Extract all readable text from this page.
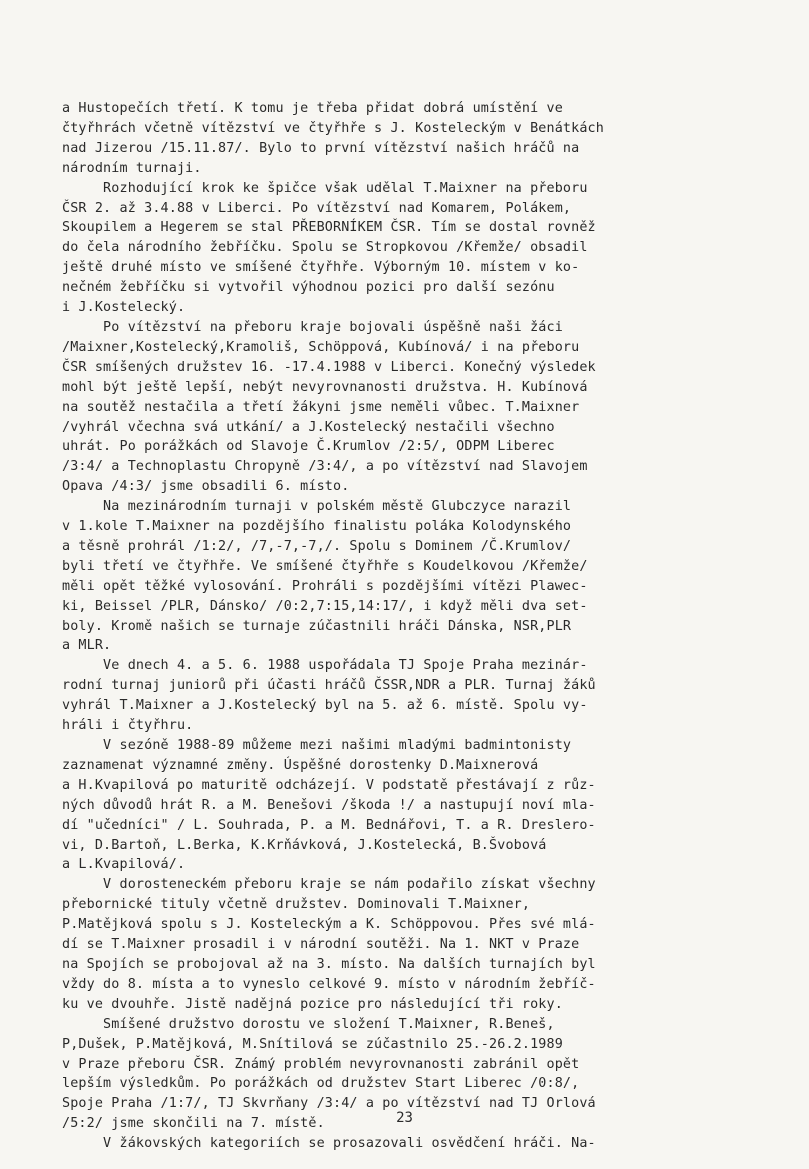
a Hustopečích třetí. K tomu je třeba přidat dobrá umístění ve
čtyřhrách včetně vítězství ve čtyřhře s J. Kosteleckým v Benátkách
nad Jizerou /15.11.87/. Bylo to první vítězství našich hráčů na
národním turnaji.
Rozhodující krok ke špičce však udělal T.Maixner na přeboru
ČSR 2. až 3.4.88 v Liberci. Po vítězství nad Komarem, Polákem,
Skoupilem a Hegerem se stal PŘEBORNÍKEM ČSR. Tím se dostal rovněž
do čela národního žebříčku. Spolu se Stropkovou /Křemže/ obsadil
ještě druhé místo ve smíšené čtyřhře. Výborným 10. místem v ko-
nečném žebříčku si vytvořil výhodnou pozici pro další sezónu
i J.Kostelecký.
Po vítězství na přeboru kraje bojovali úspěšně naši žáci
/Maixner,Kostelecký,Kramoliš, Schöppová, Kubínová/ i na přeboru
ČSR smíšených družstev 16. -17.4.1988 v Liberci. Konečný výsledek
mohl být ještě lepší, nebýt nevyrovnanosti družstva. H. Kubínová
na soutěž nestačila a třetí žákyni jsme neměli vůbec. T.Maixner
/vyhrál včechna svá utkání/ a J.Kostelecký nestačili všechno
uhrát. Po porážkách od Slavoje Č.Krumlov /2:5/, ODPM Liberec
/3:4/ a Technoplastu Chropyně /3:4/, a po vítězství nad Slavojem
Opava /4:3/ jsme obsadili 6. místo.
Na mezinárodním turnaji v polském městě Glubczyce narazil
v 1.kole T.Maixner na pozdějšího finalistu poláka Kolodynského
a těsně prohrál /1:2/, /7,-7,-7,/. Spolu s Dominem /Č.Krumlov/
byli třetí ve čtyřhře. Ve smíšené čtyřhře s Koudelkovou /Křemže/
měli opět těžké vylosování. Prohráli s pozdějšími vítězi Plawec-
ki, Beissel /PLR, Dánsko/ /0:2,7:15,14:17/, i když měli dva set-
boly. Kromě našich se turnaje zúčastnili hráči Dánska, NSR,PLR
a MLR.
Ve dnech 4. a 5. 6. 1988 uspořádala TJ Spoje Praha mezinár-
rodní turnaj juniorů při účasti hráčů ČSSR,NDR a PLR. Turnaj žáků
vyhrál T.Maixner a J.Kostelecký byl na 5. až 6. místě. Spolu vy-
hráli i čtyřhru.
V sezóně 1988-89 můžeme mezi našimi mladými badmintonisty
zaznamenat významné změny. Úspěšné dorostenky D.Maixnerová
a H.Kvapilová po maturitě odcházejí. V podstatě přestávají z růz-
ných důvodů hrát R. a M. Benešovi /škoda !/ a nastupují noví mla-
dí "učedníci" / L. Souhrada, P. a M. Bednářovi, T. a R. Dreslero-
vi, D.Bartoň, L.Berka, K.Krňávková, J.Kostelecká, B.Švobová
a L.Kvapilová/.
V dorosteneckém přeboru kraje se nám podařilo získat všechny
přebornické tituly včetně družstev. Dominovali T.Maixner,
P.Matějková spolu s J. Kosteleckým a K. Schöppovou. Přes své mlá-
dí se T.Maixner prosadil i v národní soutěži. Na 1. NKT v Praze
na Spojích se probojoval až na 3. místo. Na dalších turnajích byl
vždy do 8. místa a to vyneslo celkové 9. místo v národním žebříč-
ku ve dvouhře. Jistě nadějná pozice pro následující tři roky.
Smíšené družstvo dorostu ve složení T.Maixner, R.Beneš,
P,Dušek, P.Matějková, M.Snítilová se zúčastnilo 25.-26.2.1989
v Praze přeboru ČSR. Známý problém nevyrovnanosti zabránil opět
lepším výsledkům. Po porážkách od družstev Start Liberec /0:8/,
Spoje Praha /1:7/, TJ Skvrňany /3:4/ a po vítězství nad TJ Orlová
/5:2/ jsme skončili na 7. místě.
V žákovských kategoriích se prosazovali osvědčení hráči. Na-
23
